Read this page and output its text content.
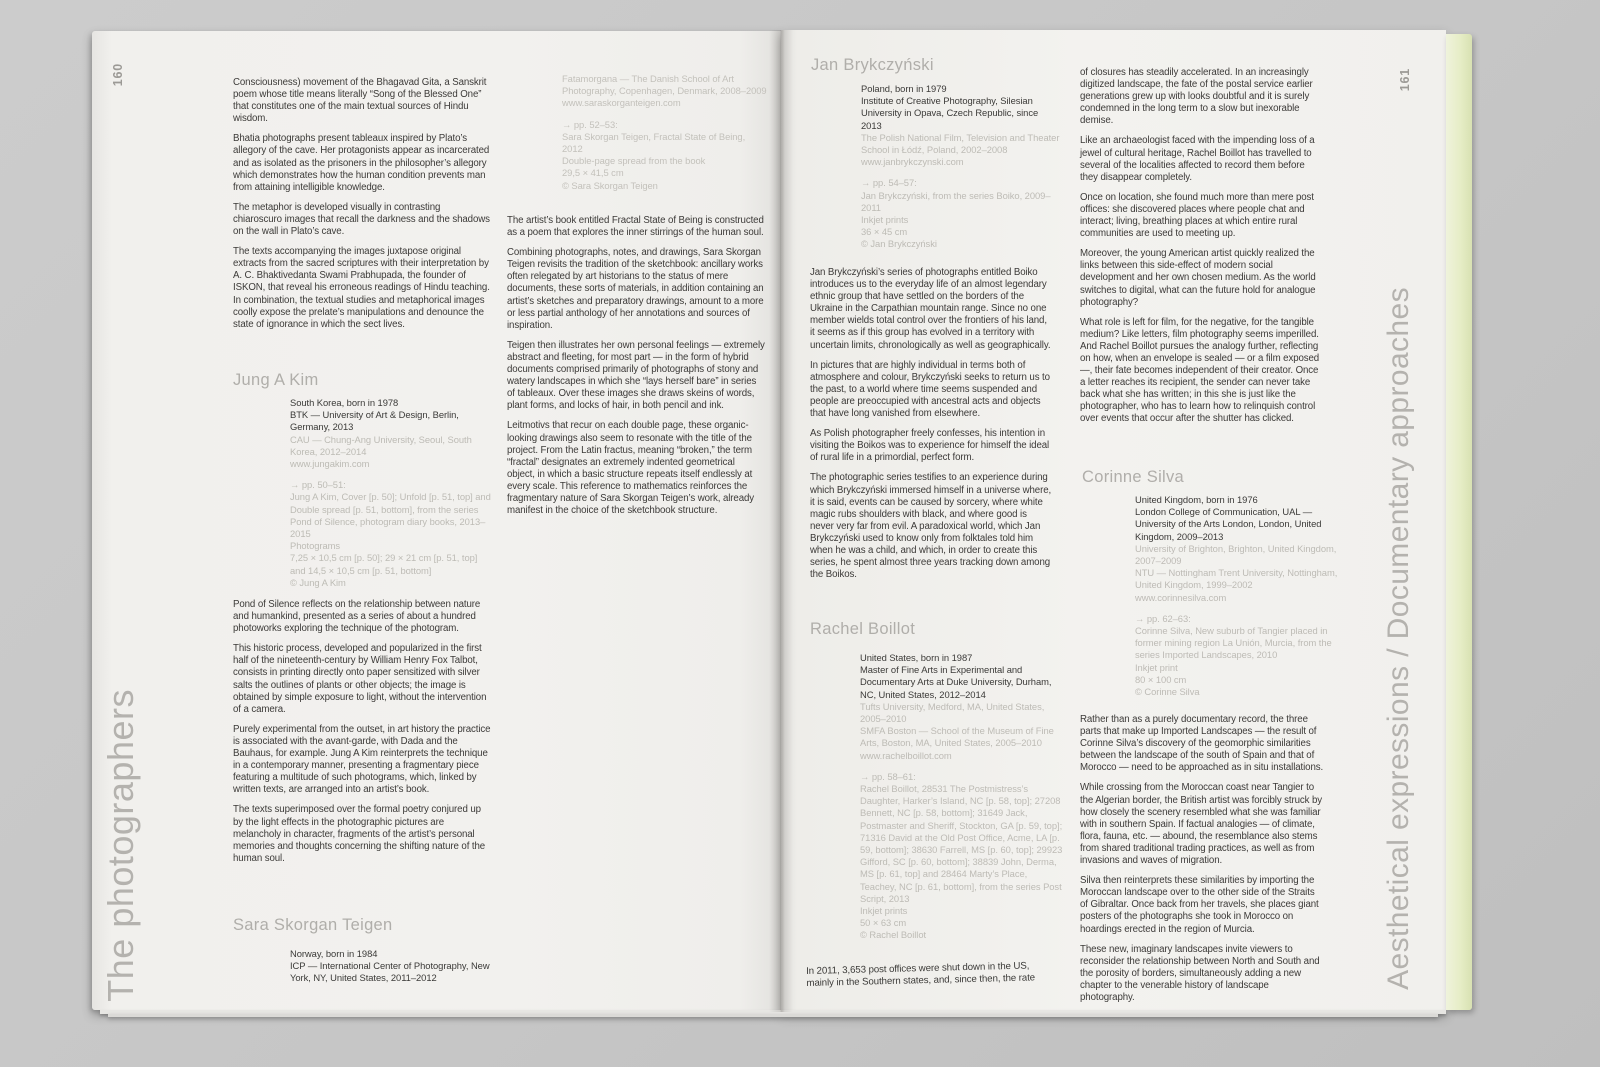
160
The photographers

Consciousness) movement of the Bhagavad Gita, a Sanskrit poem whose title means literally “Song of the Blessed One” that constitutes one of the main textual sources of Hindu wisdom.

Bhatia photographs present tableaux inspired by Plato’s allegory of the cave. Her protagonists appear as incarcerated and as isolated as the prisoners in the philosopher’s allegory which demonstrates how the human condition prevents man from attaining intelligible knowledge.

The metaphor is developed visually in contrasting chiaroscuro images that recall the darkness and the shadows on the wall in Plato’s cave.

The texts accompanying the images juxtapose original extracts from the sacred scriptures with their interpretation by A. C. Bhaktivedanta Swami Prabhupada, the founder of ISKON, that reveal his erroneous readings of Hindu teaching. In combination, the textual studies and metaphorical images coolly expose the prelate’s manipulations and denounce the state of ignorance in which the sect lives.

Jung A Kim

South Korea, born in 1978

BTK — University of Art & Design, Berlin, Germany, 2013

CAU — Chung-Ang University, Seoul, South Korea, 2012–2014

www.jungakim.com

→ pp. 50–51:

Jung A Kim, Cover [p. 50]; Unfold [p. 51, top] and Double spread [p. 51, bottom], from the series Pond of Silence, photogram diary books, 2013–2015

Photograms

7,25 × 10,5 cm [p. 50]; 29 × 21 cm [p. 51, top] and 14,5 × 10,5 cm [p. 51, bottom]

© Jung A Kim

Pond of Silence reflects on the relationship between nature and humankind, presented as a series of about a hundred photoworks exploring the technique of the photogram.

This historic process, developed and popularized in the first half of the nineteenth-century by William Henry Fox Talbot, consists in printing directly onto paper sensitized with silver salts the outlines of plants or other objects; the image is obtained by simple exposure to light, without the intervention of a camera.

Purely experimental from the outset, in art history the practice is associated with the avant-garde, with Dada and the Bauhaus, for example. Jung A Kim reinterprets the technique in a contemporary manner, presenting a fragmentary piece featuring a multitude of such photograms, which, linked by written texts, are arranged into an artist’s book.

The texts superimposed over the formal poetry conjured up by the light effects in the photographic pictures are melancholy in character, fragments of the artist’s personal memories and thoughts concerning the shifting nature of the human soul.

Sara Skorgan Teigen

Norway, born in 1984

ICP — International Center of Photography, New York, NY, United States, 2011–2012

Fatamorgana — The Danish School of Art Photography, Copenhagen, Denmark, 2008–2009

www.saraskorganteigen.com

→ pp. 52–53:

Sara Skorgan Teigen, Fractal State of Being, 2012

Double-page spread from the book

29,5 × 41,5 cm

© Sara Skorgan Teigen

The artist’s book entitled Fractal State of Being is constructed as a poem that explores the inner stirrings of the human soul.

Combining photographs, notes, and drawings, Sara Skorgan Teigen revisits the tradition of the sketchbook: ancillary works often relegated by art historians to the status of mere documents, these sorts of materials, in addition containing an artist’s sketches and preparatory drawings, amount to a more or less partial anthology of her annotations and sources of inspiration.

Teigen then illustrates her own personal feelings — extremely abstract and fleeting, for most part — in the form of hybrid documents comprised primarily of photographs of stony and watery landscapes in which she “lays herself bare” in series of tableaux. Over these images she draws skeins of words, plant forms, and locks of hair, in both pencil and ink.

Leitmotivs that recur on each double page, these organic-looking drawings also seem to resonate with the title of the project. From the Latin fractus, meaning “broken,” the term “fractal” designates an extremely indented geometrical object, in which a basic structure repeats itself endlessly at every scale. This reference to mathematics reinforces the fragmentary nature of Sara Skorgan Teigen’s work, already manifest in the choice of the sketchbook structure.

161
Aesthetical expressions / Documentary approaches
Jan Brykczyński

Poland, born in 1979

Institute of Creative Photography, Silesian University in Opava, Czech Republic, since 2013

The Polish National Film, Television and Theater School in Łódź, Poland, 2002–2008

www.janbrykczynski.com

→ pp. 54–57:

Jan Brykczyński, from the series Boiko, 2009–2011

Inkjet prints

36 × 45 cm

© Jan Brykczyński

Jan Brykczyński’s series of photographs entitled Boiko introduces us to the everyday life of an almost legendary ethnic group that have settled on the borders of the Ukraine in the Carpathian mountain range. Since no one member wields total control over the frontiers of his land, it seems as if this group has evolved in a territory with uncertain limits, chronologically as well as geographically.

In pictures that are highly individual in terms both of atmosphere and colour, Brykczyński seeks to return us to the past, to a world where time seems suspended and people are preoccupied with ancestral acts and objects that have long vanished from elsewhere.

As Polish photographer freely confesses, his intention in visiting the Boikos was to experience for himself the ideal of rural life in a primordial, perfect form.

The photographic series testifies to an experience during which Brykczyński immersed himself in a universe where, it is said, events can be caused by sorcery, where white magic rubs shoulders with black, and where good is never very far from evil. A paradoxical world, which Jan Brykczyński used to know only from folktales told him when he was a child, and which, in order to create this series, he spent almost three years tracking down among the Boikos.

Rachel Boillot

United States, born in 1987

Master of Fine Arts in Experimental and Documentary Arts at Duke University, Durham, NC, United States, 2012–2014

Tufts University, Medford, MA, United States, 2005–2010

SMFA Boston — School of the Museum of Fine Arts, Boston, MA, United States, 2005–2010

www.rachelboillot.com

→ pp. 58–61:

Rachel Boillot, 28531 The Postmistress’s Daughter, Harker’s Island, NC [p. 58, top]; 27208 Bennett, NC [p. 58, bottom]; 31649 Jack, Postmaster and Sheriff, Stockton, GA [p. 59, top]; 71316 David at the Old Post Office, Acme, LA [p. 59, bottom]; 38630 Farrell, MS [p. 60, top]; 29923 Gifford, SC [p. 60, bottom]; 38839 John, Derma, MS [p. 61, top] and 28464 Marty’s Place, Teachey, NC [p. 61, bottom], from the series Post Script, 2013

Inkjet prints

50 × 63 cm

© Rachel Boillot

In 2011, 3,653 post offices were shut down in the US, mainly in the Southern states, and, since then, the rate

of closures has steadily accelerated. In an increasingly digitized landscape, the fate of the postal service earlier generations grew up with looks doubtful and it is surely condemned in the long term to a slow but inexorable demise.

Like an archaeologist faced with the impending loss of a jewel of cultural heritage, Rachel Boillot has travelled to several of the localities affected to record them before they disappear completely.

Once on location, she found much more than mere post offices: she discovered places where people chat and interact; living, breathing places at which entire rural communities are used to meeting up.

Moreover, the young American artist quickly realized the links between this side-effect of modern social development and her own chosen medium. As the world switches to digital, what can the future hold for analogue photography?

What role is left for film, for the negative, for the tangible medium? Like letters, film photography seems imperilled. And Rachel Boillot pursues the analogy further, reflecting on how, when an envelope is sealed — or a film exposed —, their fate becomes independent of their creator. Once a letter reaches its recipient, the sender can never take back what she has written; in this she is just like the photographer, who has to learn how to relinquish control over events that occur after the shutter has clicked.

Corinne Silva

United Kingdom, born in 1976

London College of Communication, UAL — University of the Arts London, London, United Kingdom, 2009–2013

University of Brighton, Brighton, United Kingdom, 2007–2009

NTU — Nottingham Trent University, Nottingham, United Kingdom, 1999–2002

www.corinnesilva.com

→ pp. 62–63:

Corinne Silva, New suburb of Tangier placed in former mining region La Unión, Murcia, from the series Imported Landscapes, 2010

Inkjet print

80 × 100 cm

© Corinne Silva

Rather than as a purely documentary record, the three parts that make up Imported Landscapes — the result of Corinne Silva’s discovery of the geomorphic similarities between the landscape of the south of Spain and that of Morocco — need to be approached as in situ installations.

While crossing from the Moroccan coast near Tangier to the Algerian border, the British artist was forcibly struck by how closely the scenery resembled what she was familiar with in southern Spain. If factual analogies — of climate, flora, fauna, etc. — abound, the resemblance also stems from shared traditional trading practices, as well as from invasions and waves of migration.

Silva then reinterprets these similarities by importing the Moroccan landscape over to the other side of the Straits of Gibraltar. Once back from her travels, she places giant posters of the photographs she took in Morocco on hoardings erected in the region of Murcia.

These new, imaginary landscapes invite viewers to reconsider the relationship between North and South and the porosity of borders, simultaneously adding a new chapter to the venerable history of landscape photography.
